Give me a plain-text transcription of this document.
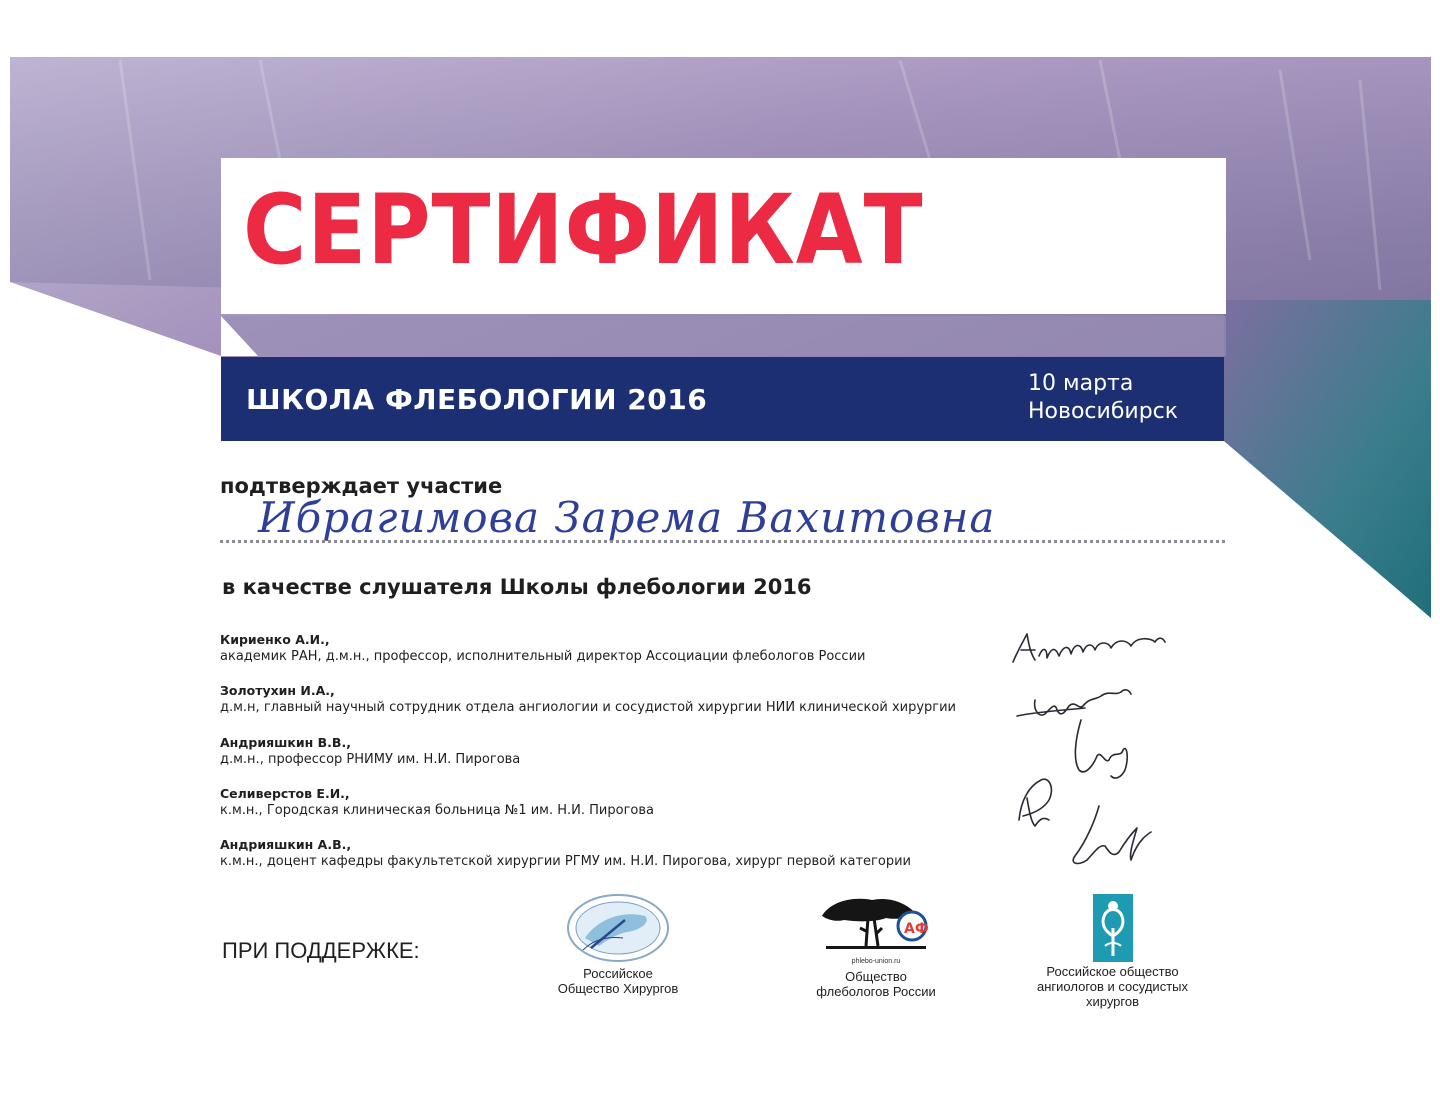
СЕРТИФИКАТ
ШКОЛА ФЛЕБОЛОГИИ 2016	10 марта
Новосибирск
подтверждает участие
Ибрагимова Зарема Вахитовна
в качестве слушателя Школы флебологии 2016
Кириенко А.И.,
академик РАН, д.м.н., профессор, исполнительный директор Ассоциации флебологов России
Золотухин И.А.,
д.м.н, главный научный сотрудник отдела ангиологии и сосудистой хирургии НИИ клинической хирургии
Андрияшкин В.В.,
д.м.н., профессор РНИМУ им. Н.И. Пирогова
Селиверстов Е.И.,
к.м.н., Городская клиническая больница №1 им. Н.И. Пирогова
Андрияшкин А.В.,
к.м.н., доцент кафедры факультетской хирургии РГМУ им. Н.И. Пирогова, хирург первой категории
ПРИ ПОДДЕРЖКЕ:
Российское
Общество Хирургов
АФ
phlebo-union.ru
Общество
флебологов России
Российское общество
ангиологов и сосудистых
хирургов
